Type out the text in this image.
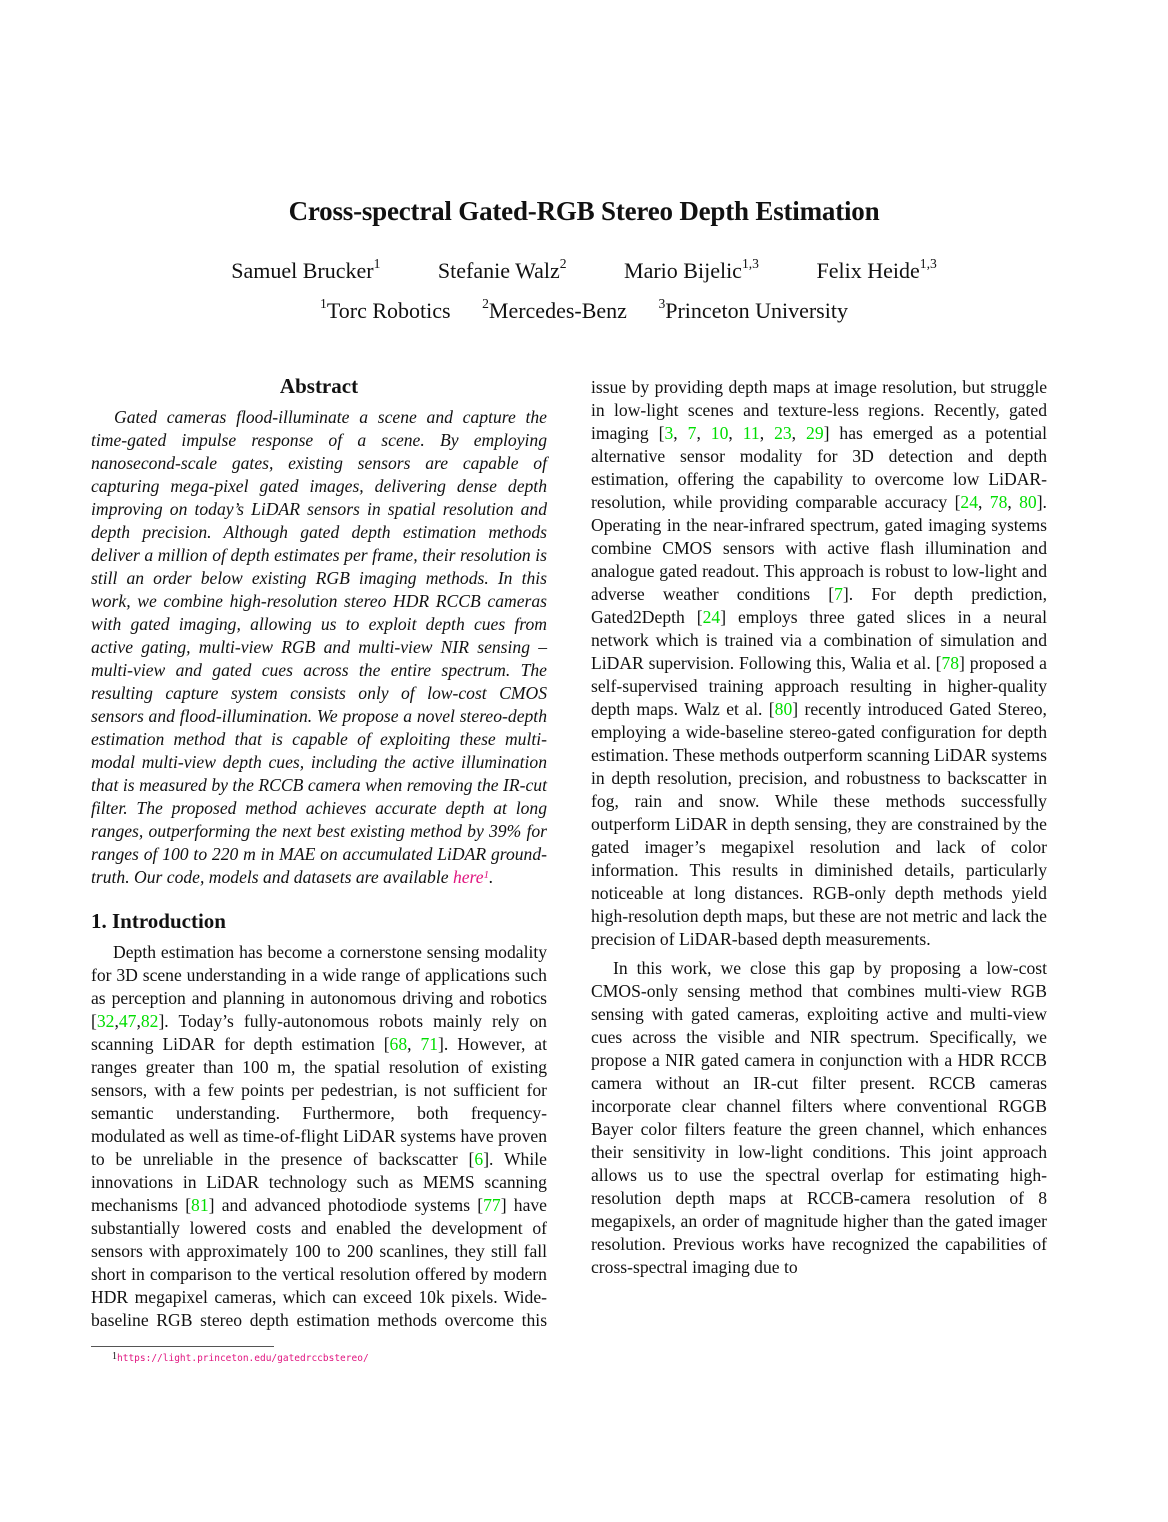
Cross-spectral Gated-RGB Stereo Depth Estimation
Samuel Brucker$^1$	Stefanie Walz$^2$	Mario Bijelic$^{1,3}$	Felix Heide$^{1,3}$
$^1$Torc Robotics $^2$Mercedes-Benz $^3$Princeton University
Abstract

Gated cameras flood-illuminate a scene and capture the time-gated impulse response of a scene. By employing nanosecond-scale gates, existing sensors are capable of capturing mega-pixel gated images, delivering dense depth improving on today’s LiDAR sensors in spatial resolution and depth precision. Although gated depth estimation methods deliver a million of depth estimates per frame, their resolution is still an order below existing RGB imaging methods. In this work, we combine high-resolution stereo HDR RCCB cameras with gated imaging, allowing us to exploit depth cues from active gating, multi-view RGB and multi-view NIR sensing – multi-view and gated cues across the entire spectrum. The resulting capture system consists only of low-cost CMOS sensors and flood-illumination. We propose a novel stereo-depth estimation method that is capable of exploiting these multi-modal multi-view depth cues, including the active illumination that is measured by the RCCB camera when removing the IR-cut filter. The proposed method achieves accurate depth at long ranges, outperforming the next best existing method by 39% for ranges of 100 to 220 m in MAE on accumulated LiDAR ground-truth. Our code, models and datasets are available here$^1$.

1. Introduction

Depth estimation has become a cornerstone sensing modality for 3D scene understanding in a wide range of applications such as perception and planning in autonomous driving and robotics [32,47,82]. Today’s fully-autonomous robots mainly rely on scanning LiDAR for depth estimation [68, 71]. However, at ranges greater than 100 m, the spatial resolution of existing sensors, with a few points per pedestrian, is not sufficient for semantic understanding. Furthermore, both frequency-modulated as well as time-of-flight LiDAR systems have proven to be unreliable in the presence of backscatter [6]. While innovations in LiDAR technology such as MEMS scanning mechanisms [81] and advanced photodiode systems [77] have substantially lowered costs and enabled the development of sensors with approximately 100 to 200 scanlines, they still fall short in comparison to the vertical resolution offered by modern HDR megapixel cameras, which can exceed 10k pixels. Wide-baseline RGB stereo depth estimation methods overcome this

issue by providing depth maps at image resolution, but struggle in low-light scenes and texture-less regions. Recently, gated imaging [3, 7, 10, 11, 23, 29] has emerged as a potential alternative sensor modality for 3D detection and depth estimation, offering the capability to overcome low LiDAR-resolution, while providing comparable accuracy [24, 78, 80]. Operating in the near-infrared spectrum, gated imaging systems combine CMOS sensors with active flash illumination and analogue gated readout. This approach is robust to low-light and adverse weather conditions [7]. For depth prediction, Gated2Depth [24] employs three gated slices in a neural network which is trained via a combination of simulation and LiDAR supervision. Following this, Walia et al. [78] proposed a self-supervised training approach resulting in higher-quality depth maps. Walz et al. [80] recently introduced Gated Stereo, employing a wide-baseline stereo-gated configuration for depth estimation. These methods outperform scanning LiDAR systems in depth resolution, precision, and robustness to backscatter in fog, rain and snow. While these methods successfully outperform LiDAR in depth sensing, they are constrained by the gated imager’s megapixel resolution and lack of color information. This results in diminished details, particularly noticeable at long distances. RGB-only depth methods yield high-resolution depth maps, but these are not metric and lack the precision of LiDAR-based depth measurements.

In this work, we close this gap by proposing a low-cost CMOS-only sensing method that combines multi-view RGB sensing with gated cameras, exploiting active and multi-view cues across the visible and NIR spectrum. Specifically, we propose a NIR gated camera in conjunction with a HDR RCCB camera without an IR-cut filter present. RCCB cameras incorporate clear channel filters where conventional RGGB Bayer color filters feature the green channel, which enhances their sensitivity in low-light conditions. This joint approach allows us to use the spectral overlap for estimating high-resolution depth maps at RCCB-camera resolution of 8 megapixels, an order of magnitude higher than the gated imager resolution. Previous works have recognized the capabilities of cross-spectral imaging due to

$^1$https://light.princeton.edu/gatedrccbstereo/
